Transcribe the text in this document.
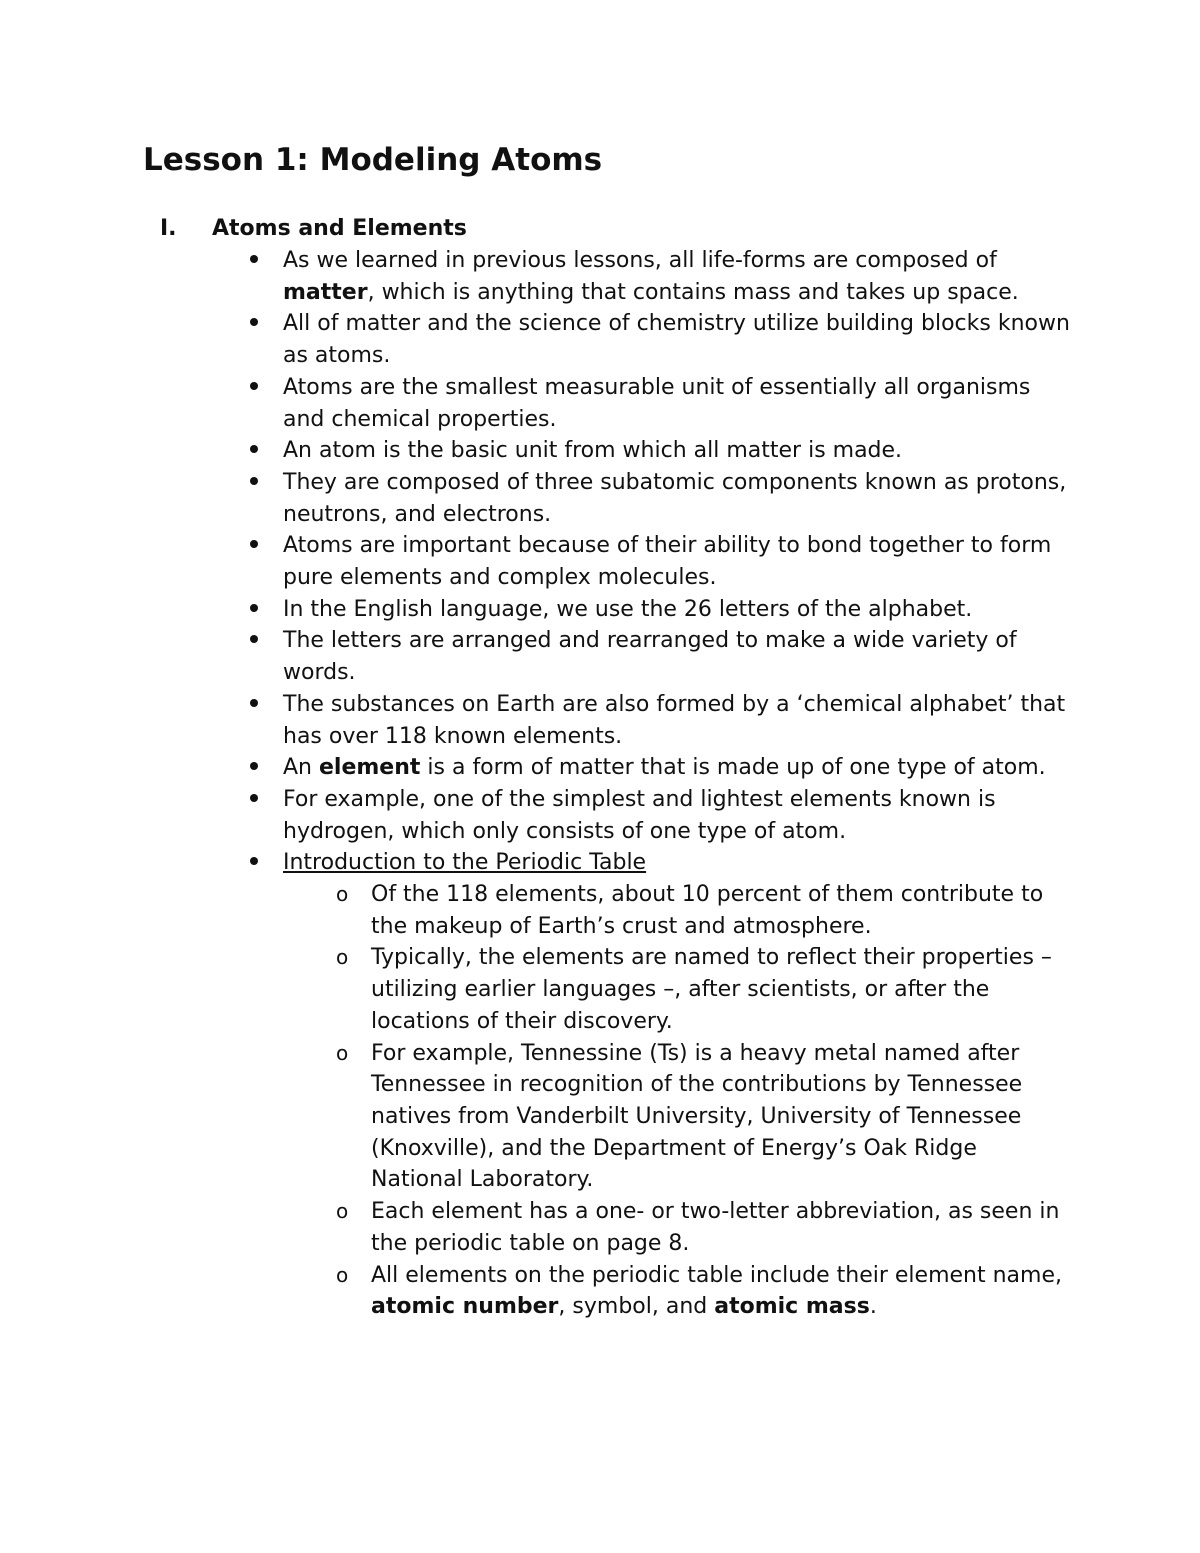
Lesson 1: Modeling Atoms
I. Atoms and Elements
As we learned in previous lessons, all life-forms are composed of matter, which is anything that contains mass and takes up space.
All of matter and the science of chemistry utilize building blocks known as atoms.
Atoms are the smallest measurable unit of essentially all organisms and chemical properties.
An atom is the basic unit from which all matter is made.
They are composed of three subatomic components known as protons, neutrons, and electrons.
Atoms are important because of their ability to bond together to form pure elements and complex molecules.
In the English language, we use the 26 letters of the alphabet.
The letters are arranged and rearranged to make a wide variety of words.
The substances on Earth are also formed by a ‘chemical alphabet’ that has over 118 known elements.
An element is a form of matter that is made up of one type of atom.
For example, one of the simplest and lightest elements known is hydrogen, which only consists of one type of atom.
Introduction to the Periodic Table
o Of the 118 elements, about 10 percent of them contribute to the makeup of Earth’s crust and atmosphere.
o Typically, the elements are named to reflect their properties – utilizing earlier languages –, after scientists, or after the locations of their discovery.
o For example, Tennessine (Ts) is a heavy metal named after Tennessee in recognition of the contributions by Tennessee natives from Vanderbilt University, University of Tennessee (Knoxville), and the Department of Energy’s Oak Ridge National Laboratory.
o Each element has a one- or two-letter abbreviation, as seen in the periodic table on page 8.
o All elements on the periodic table include their element name, atomic number, symbol, and atomic mass.
